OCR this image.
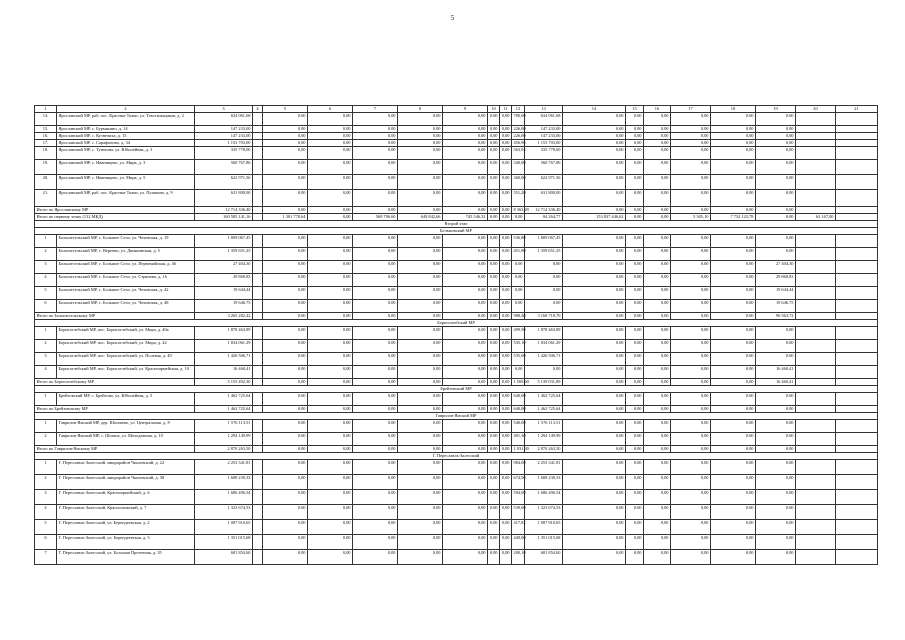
5
1	2	3	4	5	6	7	8	9	10	11	12	13	14	15	16	17	18	19	20	21
14.	Ярославский МР, раб. пос. Красные Ткачи, ул. Текстильщиков, д. 2	634 061,68		0,00	0,00	0,00	0,00	0,00	0,00	0,00	780,00	634 061,68	0,00	0,00	0,00	0,00	0,00	0,00		
15.	Ярославский МР, с. Бурмакино, д. 14	147 233,00		0,00	0,00	0,00	0,00	0,00	0,00	0,00	226,00	147 233,00	0,00	0,00	0,00	0,00	0,00	0,00		
16.	Ярославский МР, с. Кузнечиха, д. 15	147 233,00		0,00	0,00	0,00	0,00	0,00	0,00	0,00	226,00	147 233,00	0,00	0,00	0,00	0,00	0,00	0,00		
17.	Ярославский МР, с. Сарафоново, д. 34	1 153 703,00		0,00	0,00	0,00	0,00	0,00	0,00	0,00	456,96	1 153 703,00	0,00	0,00	0,00	0,00	0,00	0,00		
18.	Ярославский МР, с. Туношна, ул. Юбилейная, д. 3	335 778,00		0,00	0,00	0,00	0,00	0,00	0,00	0,00	563,94	335 778,00	0,00	0,00	0,00	0,00	0,00	0,00		
19.	Ярославский МР, с. Иванищево, ул. Мира, д. 3	560 767,86		0,00	0,00	0,00	0,00	0,00	0,00	0,00	340,00	560 767,86	0,00	0,00	0,00	0,00	0,00	0,00		
20.	Ярославский МР, с. Иванищево, ул. Мира, д. 5	622 971,56		0,00	0,00	0,00	0,00	0,00	0,00	0,00	360,00	622 971,56	0,00	0,00	0,00	0,00	0,00	0,00		
21.	Ярославский МР, раб. пос. Красные Ткачи, ул. Пушкина, д. 9	631 800,00		0,00	0,00	0,00	0,00	0,00	0,00	0,00	551,20	631 800,00	0,00	0,00	0,00	0,00	0,00	0,00		
Итого по Ярославскому МР		12 714 336,40		0,00	0,00	0,00	0,00	0,00	0,00	0,00	8 363,49	12 714 336,40	0,00	0,00	0,00	0,00	0,00	0,00		
Итого по первому этапу (132 МКД)		160 585 141,16		1 381 778,64	0,00	569 796,60	649 842,66	745 546,32	0,00	0,00	0,00	84 264,77	153 837 446,62	0,00	0,00	5 305,10	7 732 123,78	0,00	63 167,00	
Второй этап																				
Бельмовский МР																				
1	Большесельский МР, с. Большое Село, ул. Чеховская, д. 19	1 809 067,45		0,00	0,00	0,00	0,00	0,00	0,00	0,00	536,80	1 809 067,45	0,00	0,00	0,00	0,00	0,00	0,00		
2	Большесельский МР, с. Веречно, ул. Двоякинская, д. 5	1 359 651,25		0,00	0,00	0,00	0,00	0,00	0,00	0,00	451,80	1 359 651,25	0,00	0,00	0,00	0,00	0,00	0,00		
3	Большесельский МР, с. Большое Село, ул. Первомайская, д. 46	27 404,30		0,00	0,00	0,00	0,00	0,00	0,00	0,00	0,00	0,00	0,00	0,00	0,00	0,00	0,00	27 404,30		
4	Большесельский МР, с. Большое Село, ул. Странова, д. 16	29 868,83		0,00	0,00	0,00	0,00	0,00	0,00	0,00	0,00	0,00	0,00	0,00	0,00	0,00	0,00	29 868,83		
5	Большесельский МР, с. Большое Село, ул. Чеховская, д. 42	19 644,44		0,00	0,00	0,00	0,00	0,00	0,00	0,00	0,00	0,00	0,00	0,00	0,00	0,00	0,00	19 644,44		
6	Большесельский МР, с. Большое Село, ул. Чеховская, д. 48	19 646,75		0,00	0,00	0,00	0,00	0,00	0,00	0,00	0,00	0,00	0,00	0,00	0,00	0,00	0,00	19 646,75		
Итого по Большесельскому МР		3 265 282,42		0,00	0,00	0,00	0,00	0,00	0,00	0,00	988,40	3 168 718,70	0,00	0,00	0,00	0,00	0,00	96 563,72		
Борисоглебский МР																				
1	Борисоглебский МР, пос. Борисоглебский, ул. Мира, д. 40а	1 878 463,89		0,00	0,00	0,00	0,00	0,00	0,00	0,00	499,50	1 878 463,89	0,00	0,00	0,00	0,00	0,00	0,00		
2	Борисоглебский МР, пос. Борисоглебский, ул. Мира, д. 42	1 834 061,29		0,00	0,00	0,00	0,00	0,00	0,00	0,00	535,10	1 834 061,29	0,00	0,00	0,00	0,00	0,00	0,00		
3	Борисоглебский МР, пос. Борисоглебский, ул. Полевая, д. 49	1 426 506,71		0,00	0,00	0,00	0,00	0,00	0,00	0,00	535,00	1 426 506,71	0,00	0,00	0,00	0,00	0,00	0,00		
4	Борисоглебский МР, пос. Борисоглебский, ул. Красноармейская, д. 10	16 460,41		0,00	0,00	0,00	0,00	0,00	0,00	0,00	0,00	0,00	0,00	0,00	0,00	0,00	0,00	16 460,41		
Итого по Борисоглебскому МР		5 155 492,30		0,00	0,00	0,00	0,00	0,00	0,00	0,00	1 569,60	5 139 031,89	0,00	0,00	0,00	0,00	0,00	16 460,41		
Брейтовский МР																				
1	Брейтовский МР, с. Брейтово, ул. Юбилейная, д. 5	1 462 725,64		0,00	0,00	0,00	0,00	0,00	0,00	0,00	640,00	1 462 725,64	0,00	0,00	0,00	0,00	0,00	0,00		
Итого по Брейтовскому МР		1 462 725,64		0,00	0,00	0,00	0,00	0,00	0,00	0,00	640,00	1 462 725,64	0,00	0,00	0,00	0,00	0,00	0,00		
Гаврилов-Ямский МР																				
1	Гаврилов-Ямский МР, дер. Шопшево, ул. Центральная, д. 8	1 576 113,51		0,00	0,00	0,00	0,00	0,00	0,00	0,00	540,00	1 576 113,51	0,00	0,00	0,00	0,00	0,00	0,00		
2	Гаврилов-Ямский МР, с. Шопша, ул. Молодежная, д. 10	1 294 149,99		0,00	0,00	0,00	0,00	0,00	0,00	0,00	491,30	1 294 149,99	0,00	0,00	0,00	0,00	0,00	0,00		
Итого по Гаврилов-Ямскому МР		2 870 263,50		0,00	0,00	0,00	0,00	0,00	0,00	0,00	1 031,30	2 870 263,50	0,00	0,00	0,00	0,00	0,00	0,00		
Г. Переславль-Залесский																				
1	Г. Переславль-Залесский, микрорайон Чкаловский, д. 22	2 253 341,81		0,00	0,00	0,00	0,00	0,00	0,00	0,00	984,00	2 253 341,81	0,00	0,00	0,00	0,00	0,00	0,00		
2	Г. Переславль-Залесский, микрорайон Чкаловский, д. 38	1 608 239,33		0,00	0,00	0,00	0,00	0,00	0,00	0,00	674,50	1 608 239,33	0,00	0,00	0,00	0,00	0,00	0,00		
3	Г. Переславль-Залесский, Красноармейский, д. 6	1 686 496,54		0,00	0,00	0,00	0,00	0,00	0,00	0,00	594,00	1 686 496,54	0,00	0,00	0,00	0,00	0,00	0,00		
4	Г. Переславль-Залесский, Красноэховский, д. 7	1 323 674,53		0,00	0,00	0,00	0,00	0,00	0,00	0,00	539,00	1 323 674,53	0,00	0,00	0,00	0,00	0,00	0,00		
5	Г. Переславль-Залесский, ул. Берендеевская, д. 2	1 087 910,65		0,00	0,00	0,00	0,00	0,00	0,00	0,00	417,82	1 087 910,65	0,00	0,00	0,00	0,00	0,00	0,00		
6	Г. Переславль-Залесский, ул. Берендеевская, д. 3	1 351 015,68		0,00	0,00	0,00	0,00	0,00	0,00	0,00	449,00	1 351 015,68	0,00	0,00	0,00	0,00	0,00	0,00		
7	Г. Переславль-Залесский, ул. Большая Протечная, д. 35	681 854,60		0,00	0,00	0,00	0,00	0,00	0,00	0,00	200,10	681 854,60	0,00	0,00	0,00	0,00	0,00	0,00		
